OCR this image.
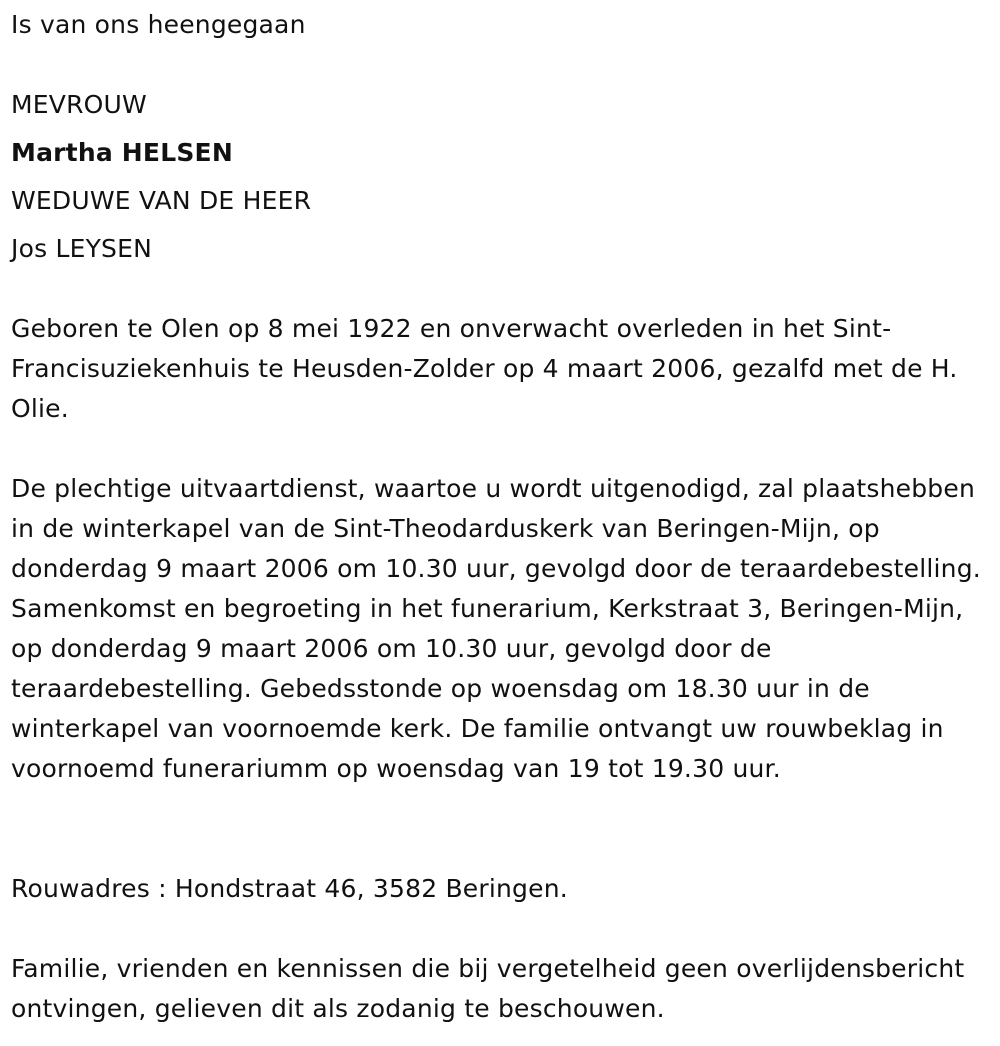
Is van ons heengegaan
MEVROUW
Martha HELSEN
WEDUWE VAN DE HEER
Jos LEYSEN

Geboren te Olen op 8 mei 1922 en onverwacht overleden in het Sint-Francisuziekenhuis te Heusden-Zolder op 4 maart 2006, gezalfd met de H. Olie.

De plechtige uitvaartdienst, waartoe u wordt uitgenodigd, zal plaatshebben in de winterkapel van de Sint-Theodarduskerk van Beringen-Mijn, op donderdag 9 maart 2006 om 10.30 uur, gevolgd door de teraardebestelling. Samenkomst en begroeting in het funerarium, Kerkstraat 3, Beringen-Mijn, op donderdag 9 maart 2006 om 10.30 uur, gevolgd door de teraardebestelling. Gebedsstonde op woensdag om 18.30 uur in de winterkapel van voornoemde kerk. De familie ontvangt uw rouwbeklag in voornoemd funerariumm op woensdag van 19 tot 19.30 uur.

Rouwadres : Hondstraat 46, 3582 Beringen.

Familie, vrienden en kennissen die bij vergetelheid geen overlijdensbericht ontvingen, gelieven dit als zodanig te beschouwen.
